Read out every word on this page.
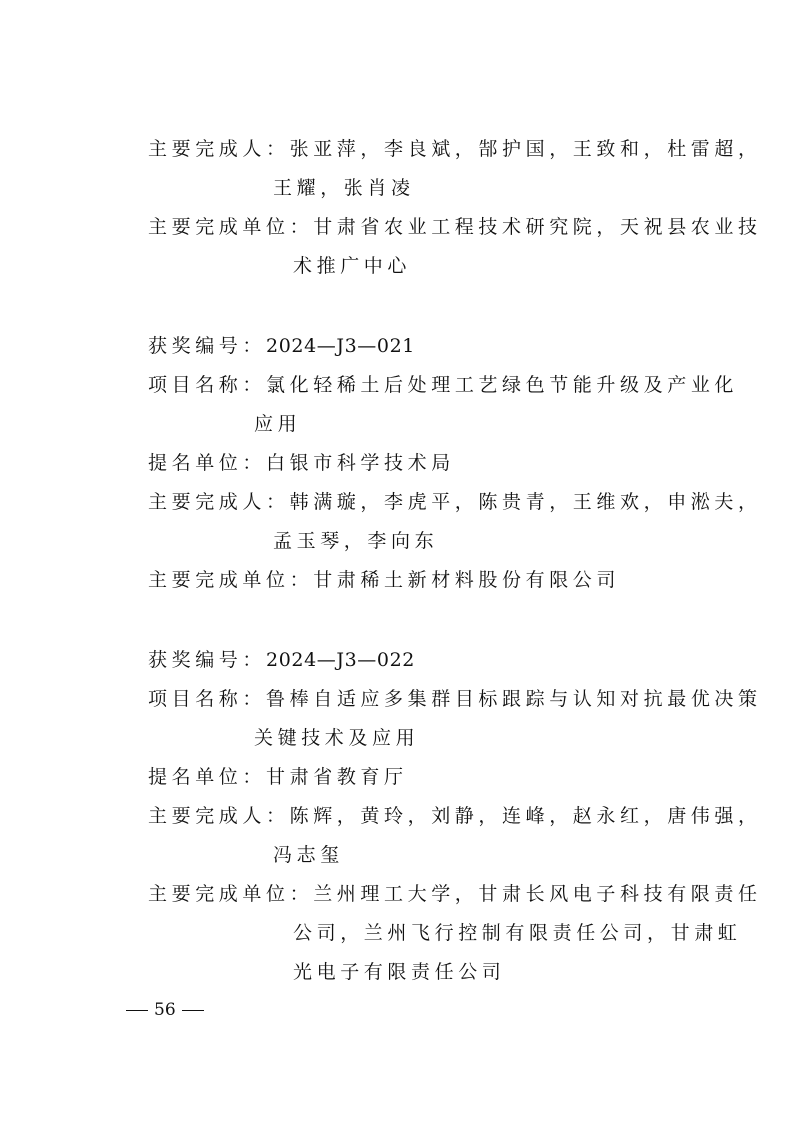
主要完成人：张亚萍，李良斌，郜护国，王致和，杜雷超，
王耀，张肖凌
主要完成单位：甘肃省农业工程技术研究院，天祝县农业技
术推广中心
获奖编号：2024—J3—021
项目名称：氯化轻稀土后处理工艺绿色节能升级及产业化
应用
提名单位：白银市科学技术局
主要完成人：韩满璇，李虎平，陈贵青，王维欢，申淞夫，
孟玉琴，李向东
主要完成单位：甘肃稀土新材料股份有限公司
获奖编号：2024—J3—022
项目名称：鲁棒自适应多集群目标跟踪与认知对抗最优决策
关键技术及应用
提名单位：甘肃省教育厅
主要完成人：陈辉，黄玲，刘静，连峰，赵永红，唐伟强，
冯志玺
主要完成单位：兰州理工大学，甘肃长风电子科技有限责任
公司，兰州飞行控制有限责任公司，甘肃虹
光电子有限责任公司
56
